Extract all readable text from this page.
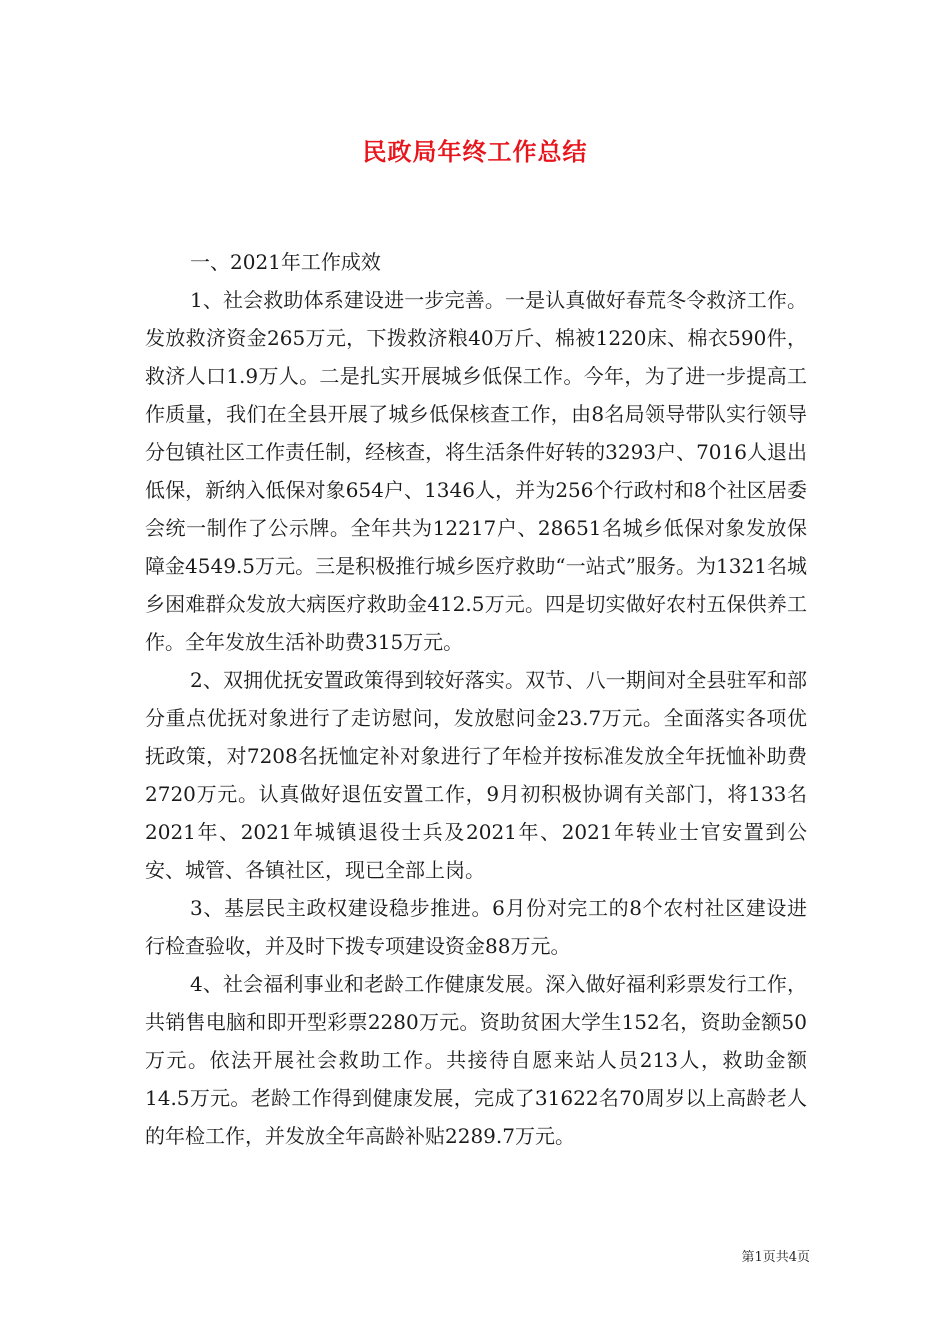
民政局年终工作总结

一、2021年工作成效

1、社会救助体系建设进一步完善。一是认真做好春荒冬令救济工作。发放救济资金265万元，下拨救济粮40万斤、棉被1220床、棉衣590件，救济人口1.9万人。二是扎实开展城乡低保工作。今年，为了进一步提高工作质量，我们在全县开展了城乡低保核查工作，由8名局领导带队实行领导分包镇社区工作责任制，经核查，将生活条件好转的3293户、7016人退出低保，新纳入低保对象654户、1346人，并为256个行政村和8个社区居委会统一制作了公示牌。全年共为12217户、28651名城乡低保对象发放保障金4549.5万元。三是积极推行城乡医疗救助“一站式”服务。为1321名城乡困难群众发放大病医疗救助金412.5万元。四是切实做好农村五保供养工作。全年发放生活补助费315万元。

2、双拥优抚安置政策得到较好落实。双节、八一期间对全县驻军和部分重点优抚对象进行了走访慰问，发放慰问金23.7万元。全面落实各项优抚政策，对7208名抚恤定补对象进行了年检并按标准发放全年抚恤补助费2720万元。认真做好退伍安置工作，9月初积极协调有关部门，将133名2021年、2021年城镇退役士兵及2021年、2021年转业士官安置到公安、城管、各镇社区，现已全部上岗。

3、基层民主政权建设稳步推进。6月份对完工的8个农村社区建设进行检查验收，并及时下拨专项建设资金88万元。

4、社会福利事业和老龄工作健康发展。深入做好福利彩票发行工作，共销售电脑和即开型彩票2280万元。资助贫困大学生152名，资助金额50万元。依法开展社会救助工作。共接待自愿来站人员213人，救助金额14.5万元。老龄工作得到健康发展，完成了31622名70周岁以上高龄老人的年检工作，并发放全年高龄补贴2289.7万元。

第1页共4页
